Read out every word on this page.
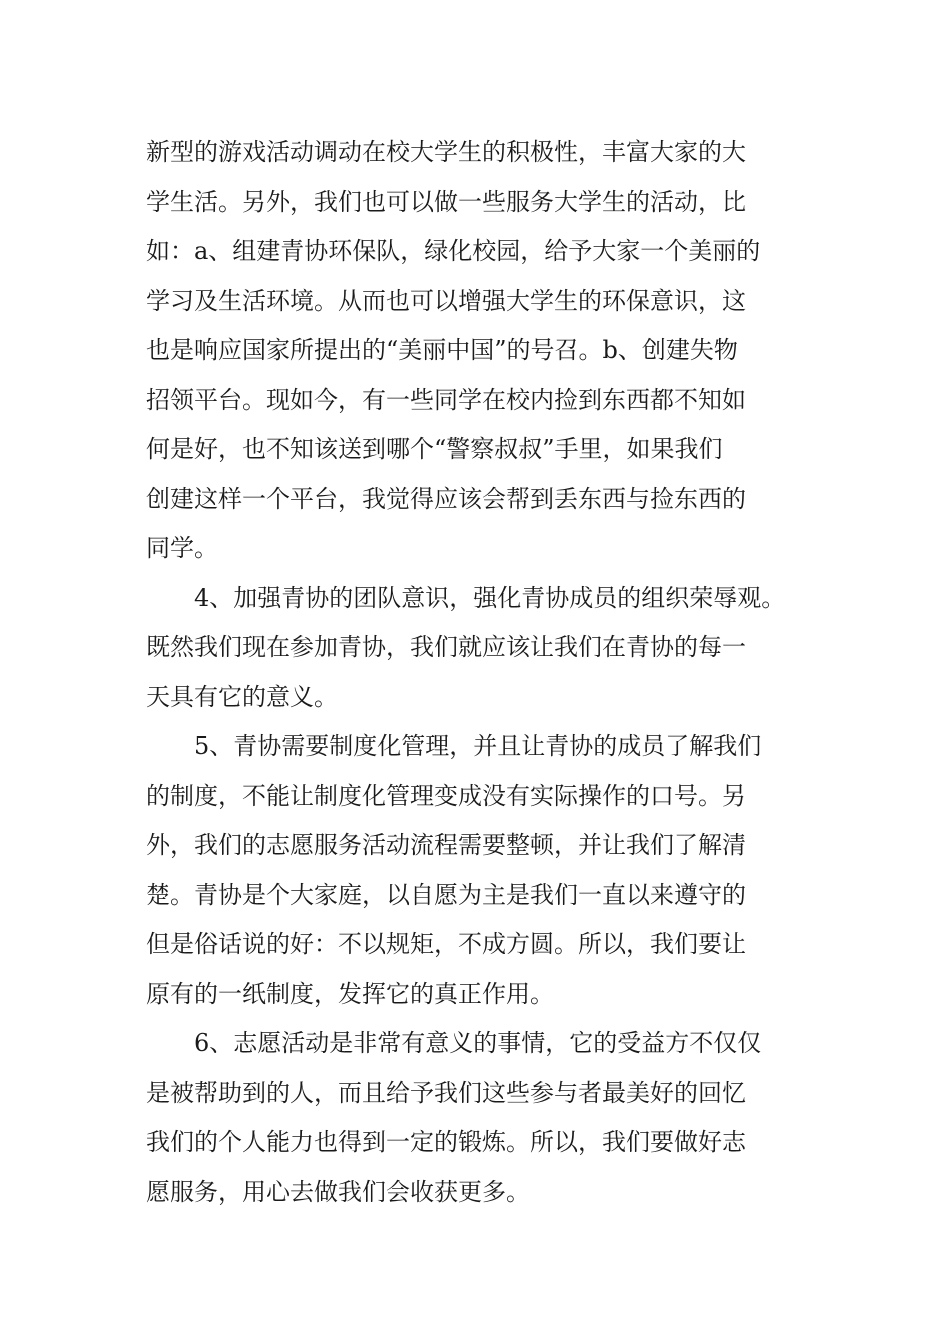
新型的游戏活动调动在校大学生的积极性，丰富大家的大
学生活。另外，我们也可以做一些服务大学生的活动，比
如：a、组建青协环保队，绿化校园，给予大家一个美丽的
学习及生活环境。从而也可以增强大学生的环保意识，这
也是响应国家所提出的“美丽中国”的号召。b、创建失物
招领平台。现如今，有一些同学在校内捡到东西都不知如
何是好，也不知该送到哪个“警察叔叔”手里，如果我们
创建这样一个平台，我觉得应该会帮到丢东西与捡东西的
同学。
4、加强青协的团队意识，强化青协成员的组织荣辱观。
既然我们现在参加青协，我们就应该让我们在青协的每一
天具有它的意义。
5、青协需要制度化管理，并且让青协的成员了解我们
的制度，不能让制度化管理变成没有实际操作的口号。另
外，我们的志愿服务活动流程需要整顿，并让我们了解清
楚。青协是个大家庭，以自愿为主是我们一直以来遵守的
但是俗话说的好：不以规矩，不成方圆。所以，我们要让
原有的一纸制度，发挥它的真正作用。
6、志愿活动是非常有意义的事情，它的受益方不仅仅
是被帮助到的人，而且给予我们这些参与者最美好的回忆
我们的个人能力也得到一定的锻炼。所以，我们要做好志
愿服务，用心去做我们会收获更多。
